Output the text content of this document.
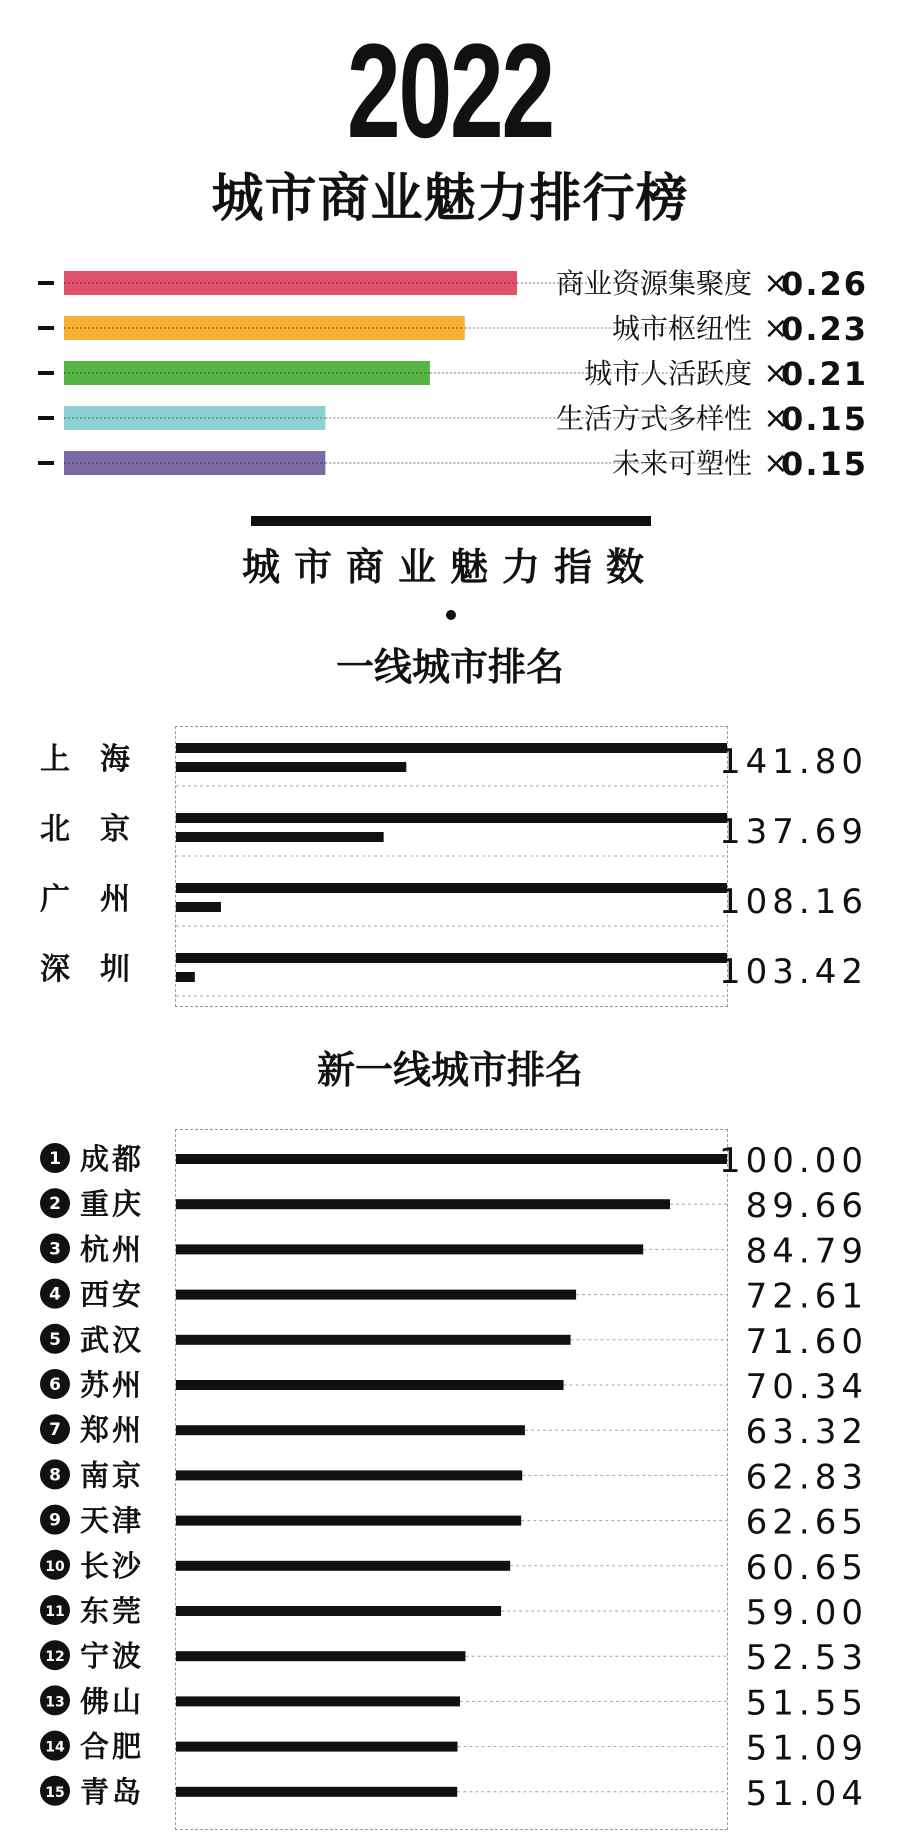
2022
城市商业魅力排行榜
商业资源集聚度 ×
0.26
城市枢纽性 ×
0.23
城市人活跃度 ×
0.21
生活方式多样性 ×
0.15
未来可塑性 ×
0.15
城市商业魅力指数
一线城市排名
上　海	141.80
北　京	137.69
广　州	108.16
深　圳	103.42
新一线城市排名
1 成都	100.00
2 重庆	89.66
3 杭州	84.79
4 西安	72.61
5 武汉	71.60
6 苏州	70.34
7 郑州	63.32
8 南京	62.83
9 天津	62.65
10 长沙	60.65
11 东莞	59.00
12 宁波	52.53
13 佛山	51.55
14 合肥	51.09
15 青岛	51.04
